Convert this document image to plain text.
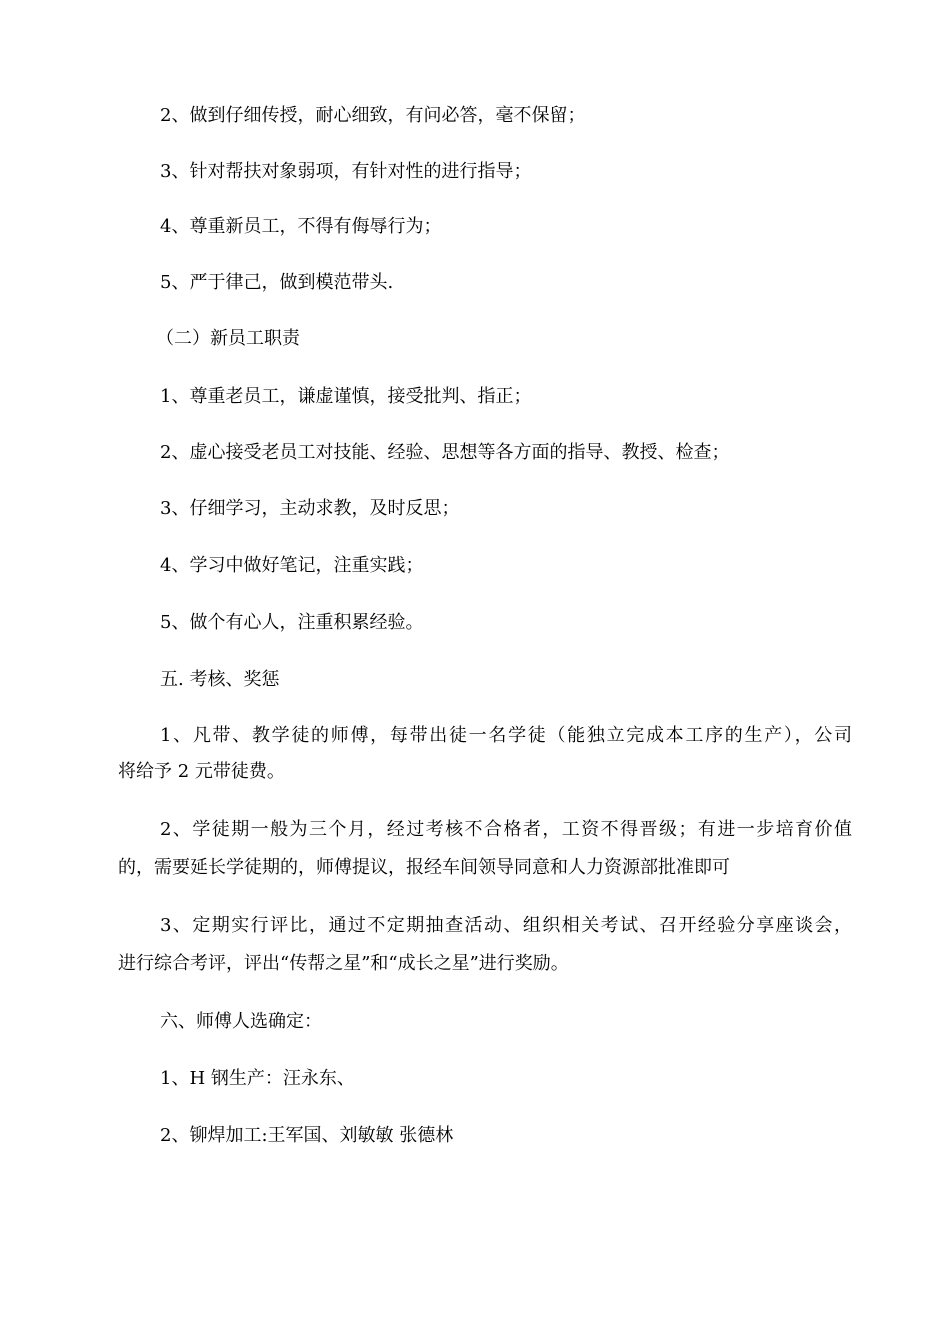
2、做到仔细传授，耐心细致，有问必答，毫不保留；
3、针对帮扶对象弱项，有针对性的进行指导；
4、尊重新员工，不得有侮辱行为；
5、严于律己，做到模范带头.
（二）新员工职责
1、尊重老员工，谦虚谨慎，接受批判、指正；
2、虚心接受老员工对技能、经验、思想等各方面的指导、教授、检查；
3、仔细学习，主动求教，及时反思；
4、学习中做好笔记，注重实践；
5、做个有心人，注重积累经验。
五. 考核、奖惩
1、凡带、教学徒的师傅，每带出徒一名学徒（能独立完成本工序的生产），公司
将给予 2 元带徒费。
2、学徒期一般为三个月，经过考核不合格者，工资不得晋级；有进一步培育价值
的，需要延长学徒期的，师傅提议，报经车间领导同意和人力资源部批准即可
3、定期实行评比，通过不定期抽查活动、组织相关考试、召开经验分享座谈会，
进行综合考评，评出“传帮之星”和“成长之星”进行奖励。
六、师傅人选确定：
1、H 钢生产：汪永东、
2、铆焊加工:王军国、刘敏敏 张德林
